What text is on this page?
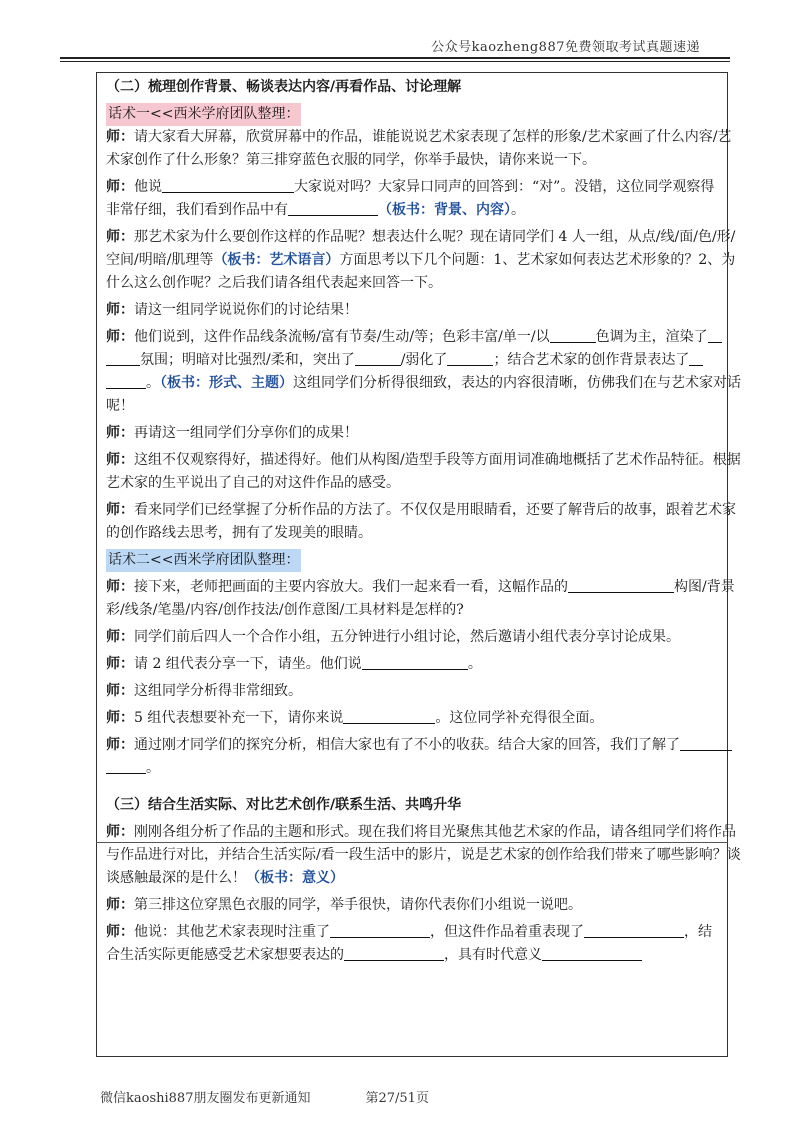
公众号kaozheng887免费领取考试真题速递
（二）梳理创作背景、畅谈表达内容/再看作品、讨论理解
话术一<<西米学府团队整理：
师：请大家看大屏幕，欣赏屏幕中的作品，谁能说说艺术家表现了怎样的形象/艺术家画了什么内容/艺
术家创作了什么形象？第三排穿蓝色衣服的同学，你举手最快，请你来说一下。
师：他说	大家说对吗？大家异口同声的回答到：“对”。没错，这位同学观察得
非常仔细，我们看到作品中有	（板书：背景、内容）。
师：那艺术家为什么要创作这样的作品呢？想表达什么呢？现在请同学们 4 人一组，从点/线/面/色/形/
空间/明暗/肌理等（板书：艺术语言）方面思考以下几个问题：1、艺术家如何表达艺术形象的？2、为
什么这么创作呢？之后我们请各组代表起来回答一下。
师：请这一组同学说说你们的讨论结果！
师：他们说到，这件作品线条流畅/富有节奏/生动/等；色彩丰富/单一/以	色调为主，渲染了
氛围；明暗对比强烈/柔和，突出了	/弱化了	；结合艺术家的创作背景表达了
。（板书：形式、主题）这组同学们分析得很细致，表达的内容很清晰，仿佛我们在与艺术家对话
呢！
师：再请这一组同学们分享你们的成果！
师：这组不仅观察得好，描述得好。他们从构图/造型手段等方面用词准确地概括了艺术作品特征。根据
艺术家的生平说出了自己的对这件作品的感受。
师：看来同学们已经掌握了分析作品的方法了。不仅仅是用眼睛看，还要了解背后的故事，跟着艺术家
的创作路线去思考，拥有了发现美的眼睛。
话术二<<西米学府团队整理：
师：接下来，老师把画面的主要内容放大。我们一起来看一看，这幅作品的	构图/背景
彩/线条/笔墨/内容/创作技法/创作意图/工具材料是怎样的?
师：同学们前后四人一个合作小组，五分钟进行小组讨论，然后邀请小组代表分享讨论成果。
师：请 2 组代表分享一下，请坐。他们说	。
师：这组同学分析得非常细致。
师：5 组代表想要补充一下，请你来说	。这位同学补充得很全面。
师：通过刚才同学们的探究分析，相信大家也有了不小的收获。结合大家的回答，我们了解了
。
（三）结合生活实际、对比艺术创作/联系生活、共鸣升华
师：刚刚各组分析了作品的主题和形式。现在我们将目光聚焦其他艺术家的作品，请各组同学们将作品
与作品进行对比，并结合生活实际/看一段生活中的影片，说是艺术家的创作给我们带来了哪些影响？谈
谈感触最深的是什么！（板书：意义）
师：第三排这位穿黑色衣服的同学，举手很快，请你代表你们小组说一说吧。
师：他说：其他艺术家表现时注重了	，但这件作品着重表现了	，结
合生活实际更能感受艺术家想要表达的	，具有时代意义
微信kaoshi887朋友圈发布更新通知	第27/51页
